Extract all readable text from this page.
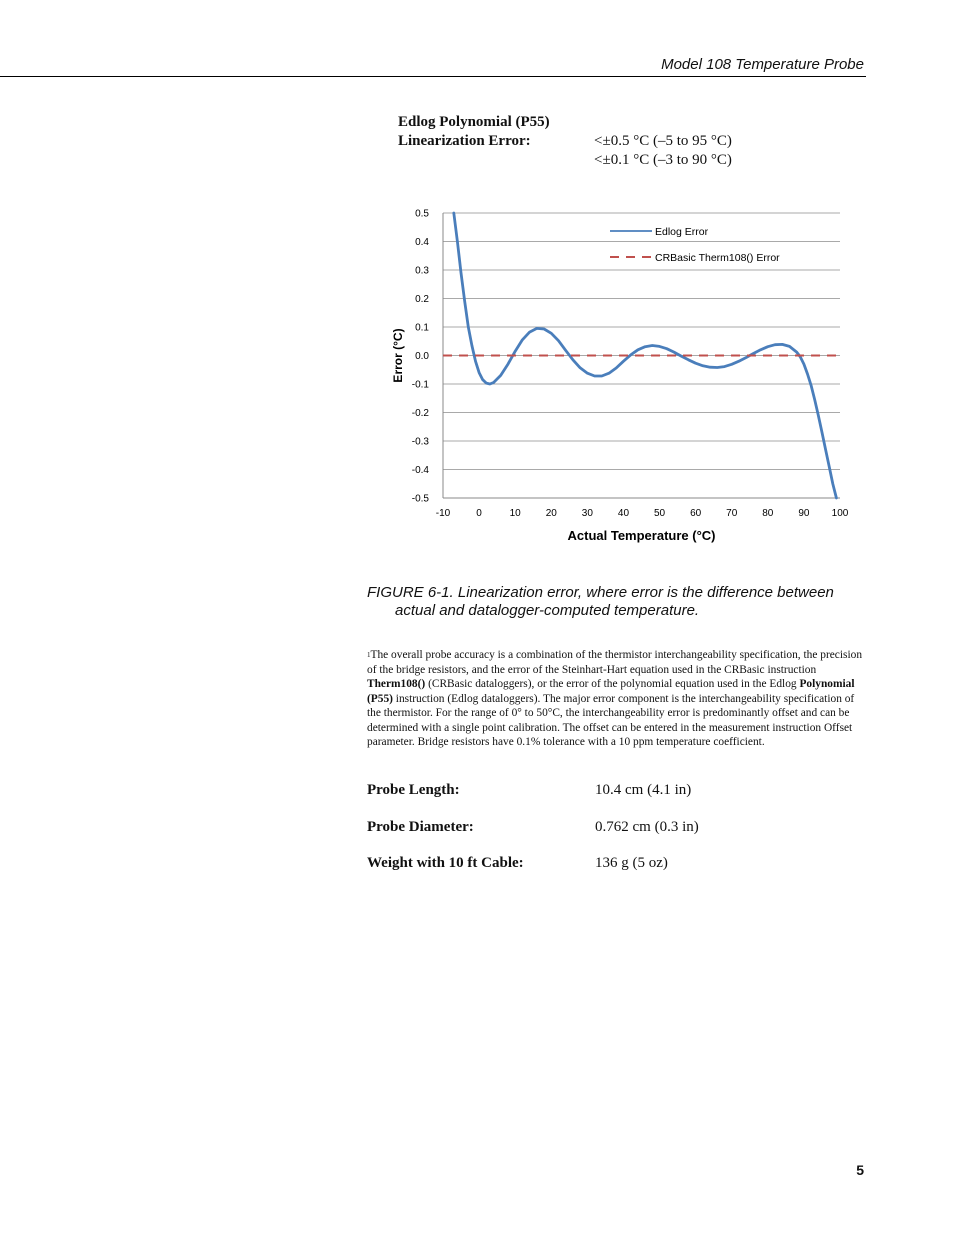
Model 108 Temperature Probe
Edlog Polynomial (P55)
Linearization Error:	<±0.5 °C (–5 to 95 °C)
<±0.1 °C (–3 to 90 °C)
0.5
0.4
0.3
0.2
0.1
0.0
-0.1
-0.2
-0.3
-0.4
-0.5
-10	0	10 20 30 40 50 60 70 80 90 100
Actual Temperature (°C)
Error (°C)
Edlog Error
CRBasic Therm108() Error
FIGURE 6-1. Linearization error, where error is the difference between
actual and datalogger-computed temperature.
$^1$The overall probe accuracy is a combination of the thermistor interchangeability specification, the precision of the bridge resistors, and the error of the Steinhart-Hart equation used in the CRBasic instruction Therm108() (CRBasic dataloggers), or the error of the polynomial equation used in the Edlog Polynomial (P55) instruction (Edlog dataloggers). The major error component is the interchangeability specification of the thermistor. For the range of 0° to 50°C, the interchangeability error is predominantly offset and can be determined with a single point calibration. The offset can be entered in the measurement instruction Offset parameter. Bridge resistors have 0.1% tolerance with a 10 ppm temperature coefficient.
Probe Length:	10.4 cm (4.1 in)
Probe Diameter:	0.762 cm (0.3 in)
Weight with 10 ft Cable:	136 g (5 oz)
5
